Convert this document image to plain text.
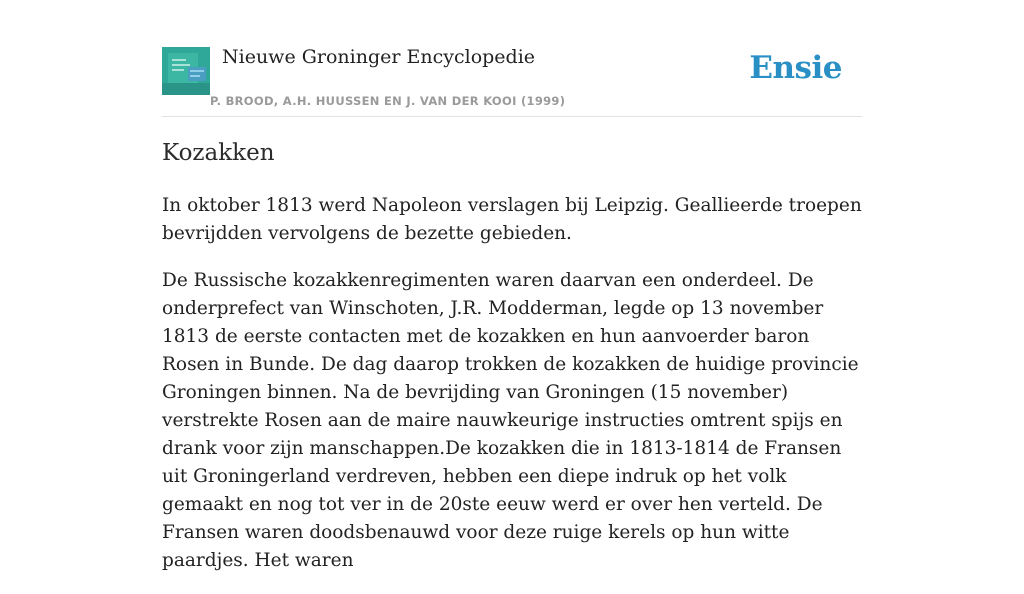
Nieuwe Groninger Encyclopedie
P. BROOD, A.H. HUUSSEN EN J. VAN DER KOOI (1999)
Ensie
Kozakken

In oktober 1813 werd Napoleon verslagen bij Leipzig. Geallieerde troepen bevrijdden vervolgens de bezette gebieden.

De Russische kozakkenregimenten waren daarvan een onderdeel. De onderprefect van Winschoten, J.R. Modderman, legde op 13 november 1813 de eerste contacten met de kozakken en hun aanvoerder baron Rosen in Bunde. De dag daarop trokken de kozakken de huidige provincie Groningen binnen. Na de bevrijding van Groningen (15 november) verstrekte Rosen aan de maire nauwkeurige instructies omtrent spijs en drank voor zijn manschappen.De kozakken die in 1813-1814 de Fransen uit Groningerland verdreven, hebben een diepe indruk op het volk gemaakt en nog tot ver in de 20ste eeuw werd er over hen verteld. De Fransen waren doodsbenauwd voor deze ruige kerels op hun witte paardjes. Het waren
